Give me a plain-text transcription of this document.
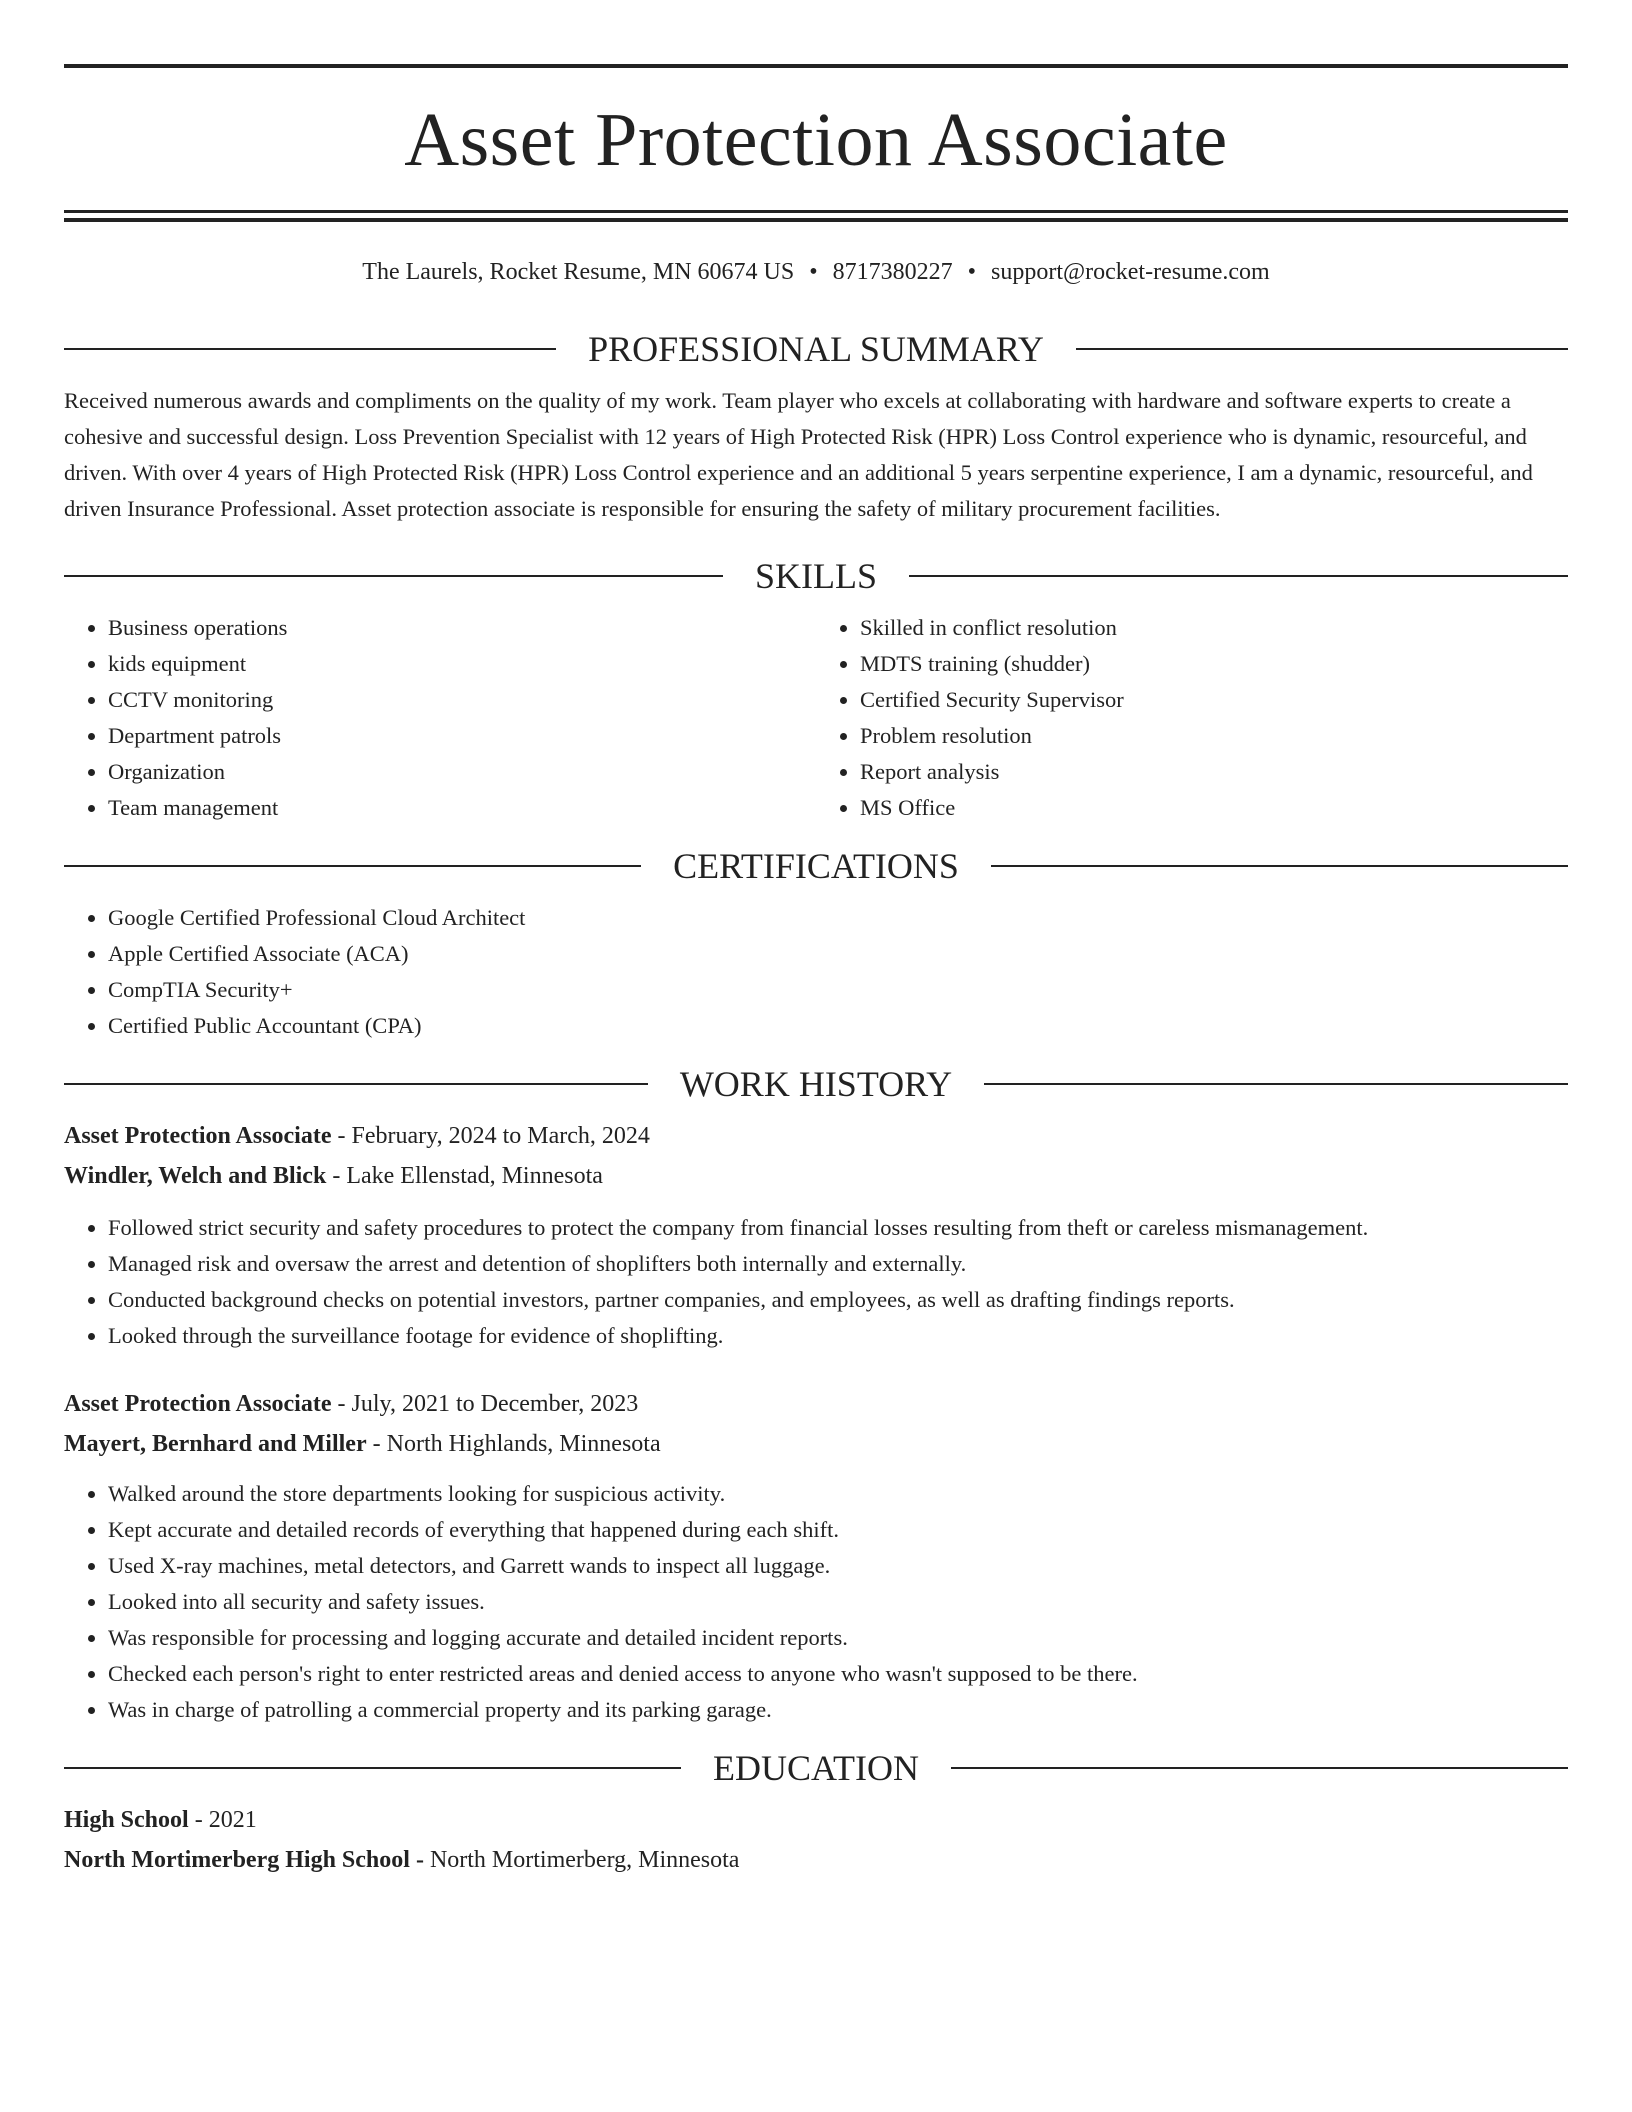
Asset Protection Associate
The Laurels, Rocket Resume, MN 60674 US • 8717380227 • support@rocket-resume.com
PROFESSIONAL SUMMARY

Received numerous awards and compliments on the quality of my work. Team player who excels at collaborating with hardware and software experts to create a cohesive and successful design. Loss Prevention Specialist with 12 years of High Protected Risk (HPR) Loss Control experience who is dynamic, resourceful, and driven. With over 4 years of High Protected Risk (HPR) Loss Control experience and an additional 5 years serpentine experience, I am a dynamic, resourceful, and driven Insurance Professional. Asset protection associate is responsible for ensuring the safety of military procurement facilities.

SKILLS
• Business operations
• kids equipment
• CCTV monitoring
• Department patrols
• Organization
• Team management
• Skilled in conflict resolution
• MDTS training (shudder)
• Certified Security Supervisor
• Problem resolution
• Report analysis
• MS Office
CERTIFICATIONS
• Google Certified Professional Cloud Architect
• Apple Certified Associate (ACA)
• CompTIA Security+
• Certified Public Accountant (CPA)
WORK HISTORY
Asset Protection Associate - February, 2024 to March, 2024
Windler, Welch and Blick - Lake Ellenstad, Minnesota
• Followed strict security and safety procedures to protect the company from financial losses resulting from theft or careless mismanagement.
• Managed risk and oversaw the arrest and detention of shoplifters both internally and externally.
• Conducted background checks on potential investors, partner companies, and employees, as well as drafting findings reports.
• Looked through the surveillance footage for evidence of shoplifting.
Asset Protection Associate - July, 2021 to December, 2023
Mayert, Bernhard and Miller - North Highlands, Minnesota
• Walked around the store departments looking for suspicious activity.
• Kept accurate and detailed records of everything that happened during each shift.
• Used X-ray machines, metal detectors, and Garrett wands to inspect all luggage.
• Looked into all security and safety issues.
• Was responsible for processing and logging accurate and detailed incident reports.
• Checked each person's right to enter restricted areas and denied access to anyone who wasn't supposed to be there.
• Was in charge of patrolling a commercial property and its parking garage.
EDUCATION
High School - 2021
North Mortimerberg High School - North Mortimerberg, Minnesota
